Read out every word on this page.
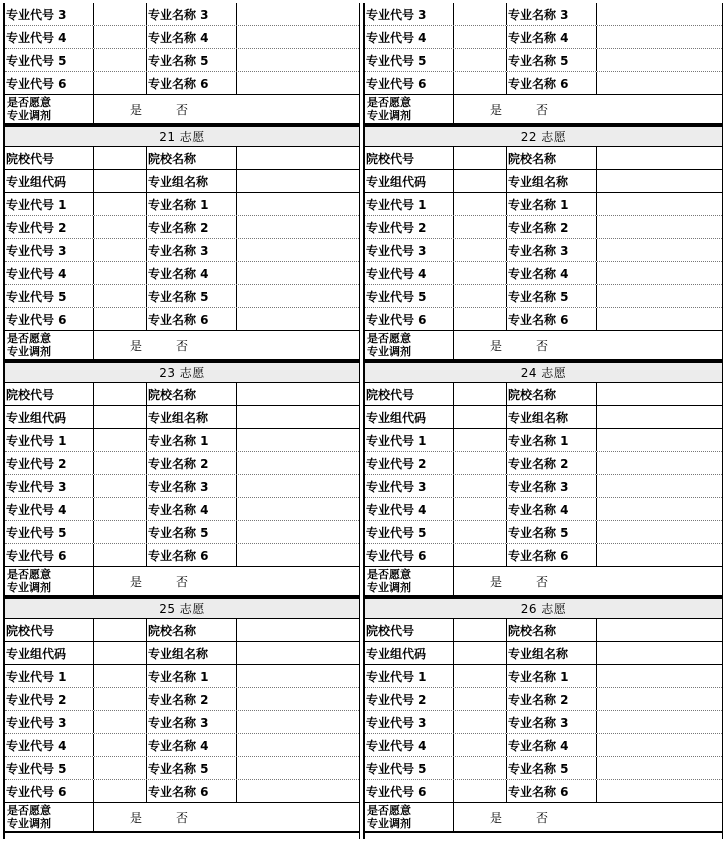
专业代号 3	专业名称 3
专业代号 4	专业名称 4
专业代号 5	专业名称 5
专业代号 6	专业名称 6
是否愿意
专业调剂	是	否
21 志愿
院校代号	院校名称
专业组代码	专业组名称
专业代号 1	专业名称 1
专业代号 2	专业名称 2
专业代号 3	专业名称 3
专业代号 4	专业名称 4
专业代号 5	专业名称 5
专业代号 6	专业名称 6
是否愿意
专业调剂	是	否
23 志愿
院校代号	院校名称
专业组代码	专业组名称
专业代号 1	专业名称 1
专业代号 2	专业名称 2
专业代号 3	专业名称 3
专业代号 4	专业名称 4
专业代号 5	专业名称 5
专业代号 6	专业名称 6
是否愿意
专业调剂	是	否
25 志愿
院校代号	院校名称
专业组代码	专业组名称
专业代号 1	专业名称 1
专业代号 2	专业名称 2
专业代号 3	专业名称 3
专业代号 4	专业名称 4
专业代号 5	专业名称 5
专业代号 6	专业名称 6
是否愿意
专业调剂	是	否
专业代号 3	专业名称 3
专业代号 4	专业名称 4
专业代号 5	专业名称 5
专业代号 6	专业名称 6
是否愿意
专业调剂	是	否
22 志愿
院校代号	院校名称
专业组代码	专业组名称
专业代号 1	专业名称 1
专业代号 2	专业名称 2
专业代号 3	专业名称 3
专业代号 4	专业名称 4
专业代号 5	专业名称 5
专业代号 6	专业名称 6
是否愿意
专业调剂	是	否
24 志愿
院校代号	院校名称
专业组代码	专业组名称
专业代号 1	专业名称 1
专业代号 2	专业名称 2
专业代号 3	专业名称 3
专业代号 4	专业名称 4
专业代号 5	专业名称 5
专业代号 6	专业名称 6
是否愿意
专业调剂	是	否
26 志愿
院校代号	院校名称
专业组代码	专业组名称
专业代号 1	专业名称 1
专业代号 2	专业名称 2
专业代号 3	专业名称 3
专业代号 4	专业名称 4
专业代号 5	专业名称 5
专业代号 6	专业名称 6
是否愿意
专业调剂	是	否
